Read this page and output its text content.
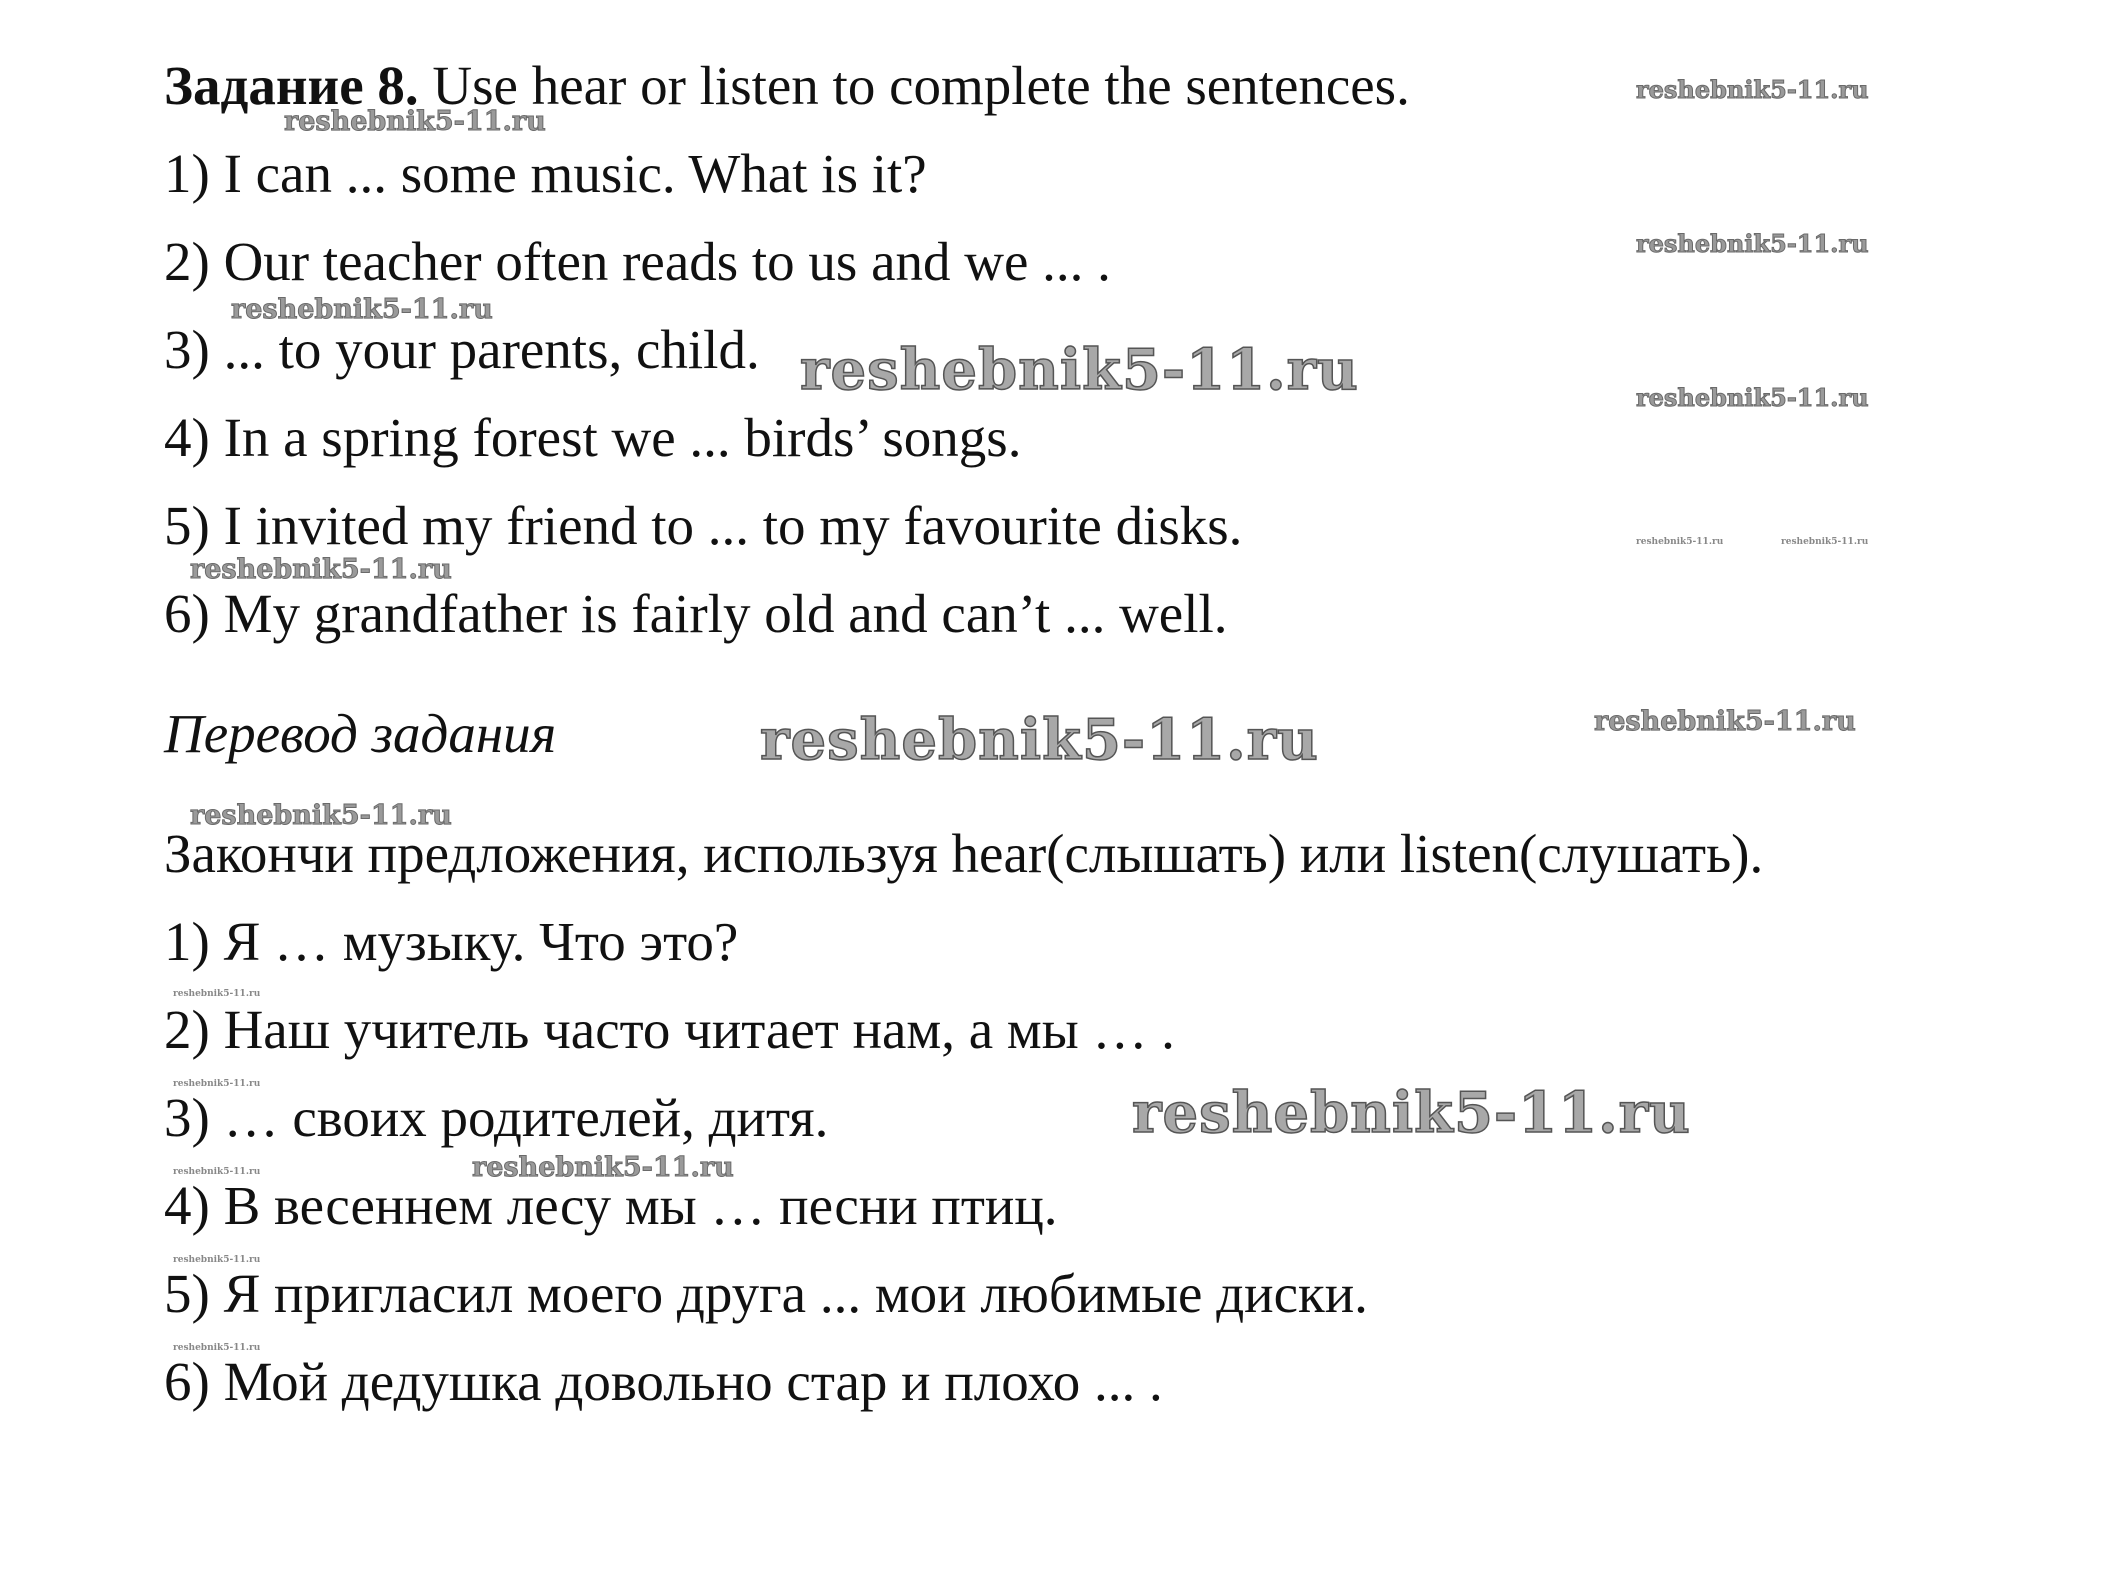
Задание 8. Use hear or listen to complete the sentences.
1) I can ... some music. What is it?
2) Our teacher often reads to us and we ... .
3) ... to your parents, child.
4) In a spring forest we ... birds’ songs.
5) I invited my friend to ... to my favourite disks.
6) My grandfather is fairly old and can’t ... well.
Перевод задания
Закончи предложения, используя hear(слышать) или listen(слушать).
1) Я … музыку. Что это?
2) Наш учитель часто читает нам, а мы … .
3) … своих родителей, дитя.
4) В весеннем лесу мы … песни птиц.
5) Я пригласил моего друга ... мои любимые диски.
6) Мой дедушка довольно стар и плохо ... .
reshebnik5-11.ru
reshebnik5-11.ru
reshebnik5-11.ru
reshebnik5-11.ru
reshebnik5-11.ru	reshebnik5-11.ru
reshebnik5-11.ru	reshebnik5-11.ru
reshebnik5-11.ru
reshebnik5-11.ru	reshebnik5-11.ru
reshebnik5-11.ru
reshebnik5-11.ru
reshebnik5-11.ru	reshebnik5-11.ru
reshebnik5-11.ru
reshebnik5-11.ru
reshebnik5-11.ru
reshebnik5-11.ru
